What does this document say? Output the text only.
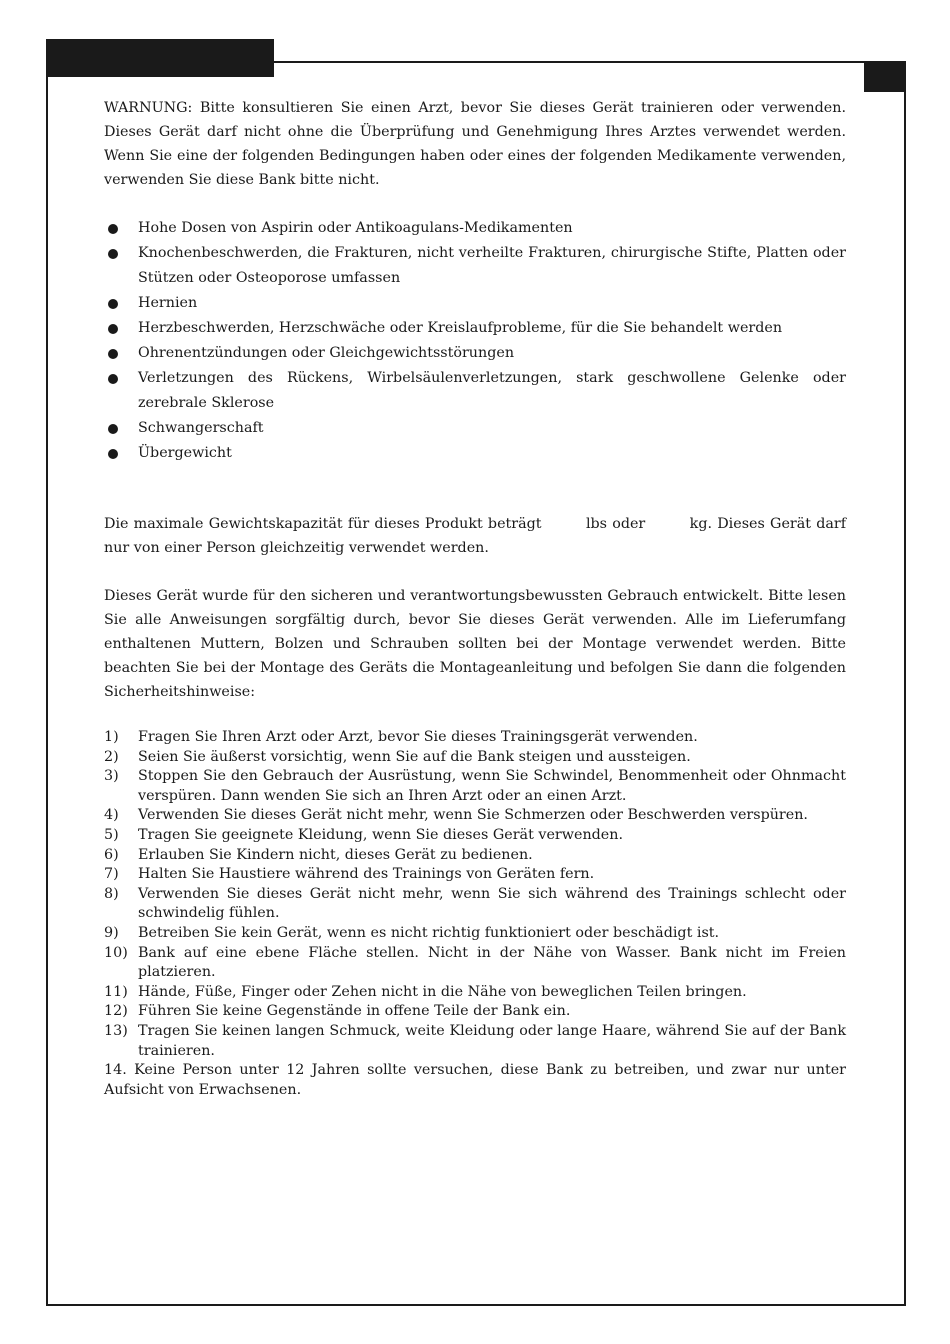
WARNUNG: Bitte konsultieren Sie einen Arzt, bevor Sie dieses Gerät trainieren oder verwenden. Dieses Gerät darf nicht ohne die Überprüfung und Genehmigung Ihres Arztes verwendet werden. Wenn Sie eine der folgenden Bedingungen haben oder eines der folgenden Medikamente verwenden, verwenden Sie diese Bank bitte nicht.

Hohe Dosen von Aspirin oder Antikoagulans-Medikamenten
Knochenbeschwerden, die Frakturen, nicht verheilte Frakturen, chirurgische Stifte, Platten oder Stützen oder Osteoporose umfassen
Hernien
Herzbeschwerden, Herzschwäche oder Kreislaufprobleme, für die Sie behandelt werden
Ohrenentzündungen oder Gleichgewichtsstörungen
Verletzungen des Rückens, Wirbelsäulenverletzungen, stark geschwollene Gelenke oder zerebrale Sklerose
Schwangerschaft
Übergewicht

Die maximale Gewichtskapazität für dieses Produkt beträgt	lbs oder	kg. Dieses Gerät darf nur von einer Person gleichzeitig verwendet werden.

Dieses Gerät wurde für den sicheren und verantwortungsbewussten Gebrauch entwickelt. Bitte lesen Sie alle Anweisungen sorgfältig durch, bevor Sie dieses Gerät verwenden. Alle im Lieferumfang enthaltenen Muttern, Bolzen und Schrauben sollten bei der Montage verwendet werden. Bitte beachten Sie bei der Montage des Geräts die Montageanleitung und befolgen Sie dann die folgenden Sicherheitshinweise:

1) Fragen Sie Ihren Arzt oder Arzt, bevor Sie dieses Trainingsgerät verwenden.
2) Seien Sie äußerst vorsichtig, wenn Sie auf die Bank steigen und aussteigen.
3) Stoppen Sie den Gebrauch der Ausrüstung, wenn Sie Schwindel, Benommenheit oder Ohnmacht verspüren. Dann wenden Sie sich an Ihren Arzt oder an einen Arzt.
4) Verwenden Sie dieses Gerät nicht mehr, wenn Sie Schmerzen oder Beschwerden verspüren.
5) Tragen Sie geeignete Kleidung, wenn Sie dieses Gerät verwenden.
6) Erlauben Sie Kindern nicht, dieses Gerät zu bedienen.
7) Halten Sie Haustiere während des Trainings von Geräten fern.
8) Verwenden Sie dieses Gerät nicht mehr, wenn Sie sich während des Trainings schlecht oder schwindelig fühlen.
9) Betreiben Sie kein Gerät, wenn es nicht richtig funktioniert oder beschädigt ist.
10) Bank auf eine ebene Fläche stellen. Nicht in der Nähe von Wasser. Bank nicht im Freien platzieren.
11) Hände, Füße, Finger oder Zehen nicht in die Nähe von beweglichen Teilen bringen.
12) Führen Sie keine Gegenstände in offene Teile der Bank ein.
13) Tragen Sie keinen langen Schmuck, weite Kleidung oder lange Haare, während Sie auf der Bank trainieren.

14. Keine Person unter 12 Jahren sollte versuchen, diese Bank zu betreiben, und zwar nur unter Aufsicht von Erwachsenen.
